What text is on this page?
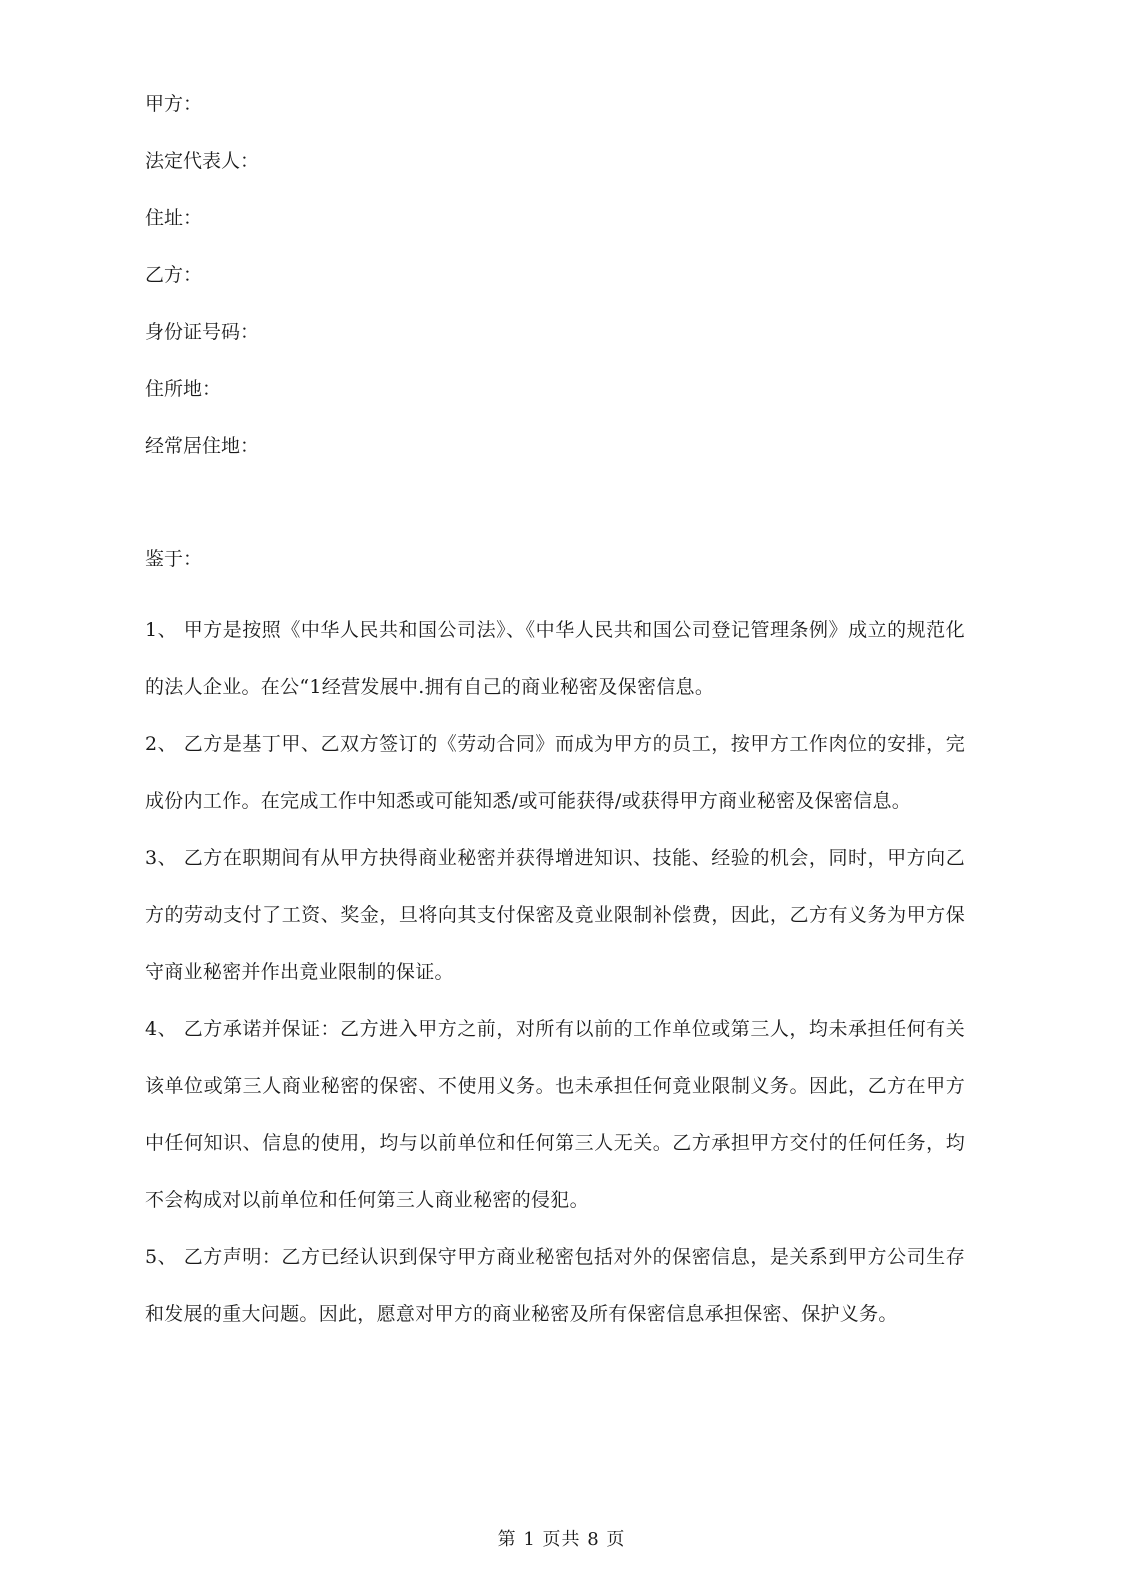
甲方：
法定代表人：
住址：
乙方：
身份证号码：
住所地：
经常居住地：
鉴于：

1、 甲方是按照《中华人民共和国公司法》、《中华人民共和国公司登记管理条例》成立的规范化的法人企业。在公“1经营发展中.拥有自己的商业秘密及保密信息。

2、 乙方是基丁甲、乙双方签订的《劳动合同》而成为甲方的员工，按甲方工作肉位的安排，完成份内工作。在完成工作中知悉或可能知悉/或可能获得/或获得甲方商业秘密及保密信息。

3、 乙方在职期间有从甲方抉得商业秘密并获得增进知识、技能、经验的机会，同时，甲方向乙方的劳动支付了工资、奖金，旦将向其支付保密及竟业限制补偿费，因此，乙方有义务为甲方保守商业秘密并作出竟业限制的保证。

4、 乙方承诺并保证：乙方进入甲方之前，对所有以前的工作单位或第三人，均未承担任何有关该单位或第三人商业秘密的保密、不使用义务。也未承担任何竟业限制义务。因此，乙方在甲方中任何知识、信息的使用，均与以前单位和任何第三人无关。乙方承担甲方交付的任何任务，均不会构成对以前单位和任何第三人商业秘密的侵犯。

5、 乙方声明：乙方已经认识到保守甲方商业秘密包括对外的保密信息，是关系到甲方公司生存和发展的重大问题。因此，愿意对甲方的商业秘密及所有保密信息承担保密、保护义务。

第 1 页共 8 页
